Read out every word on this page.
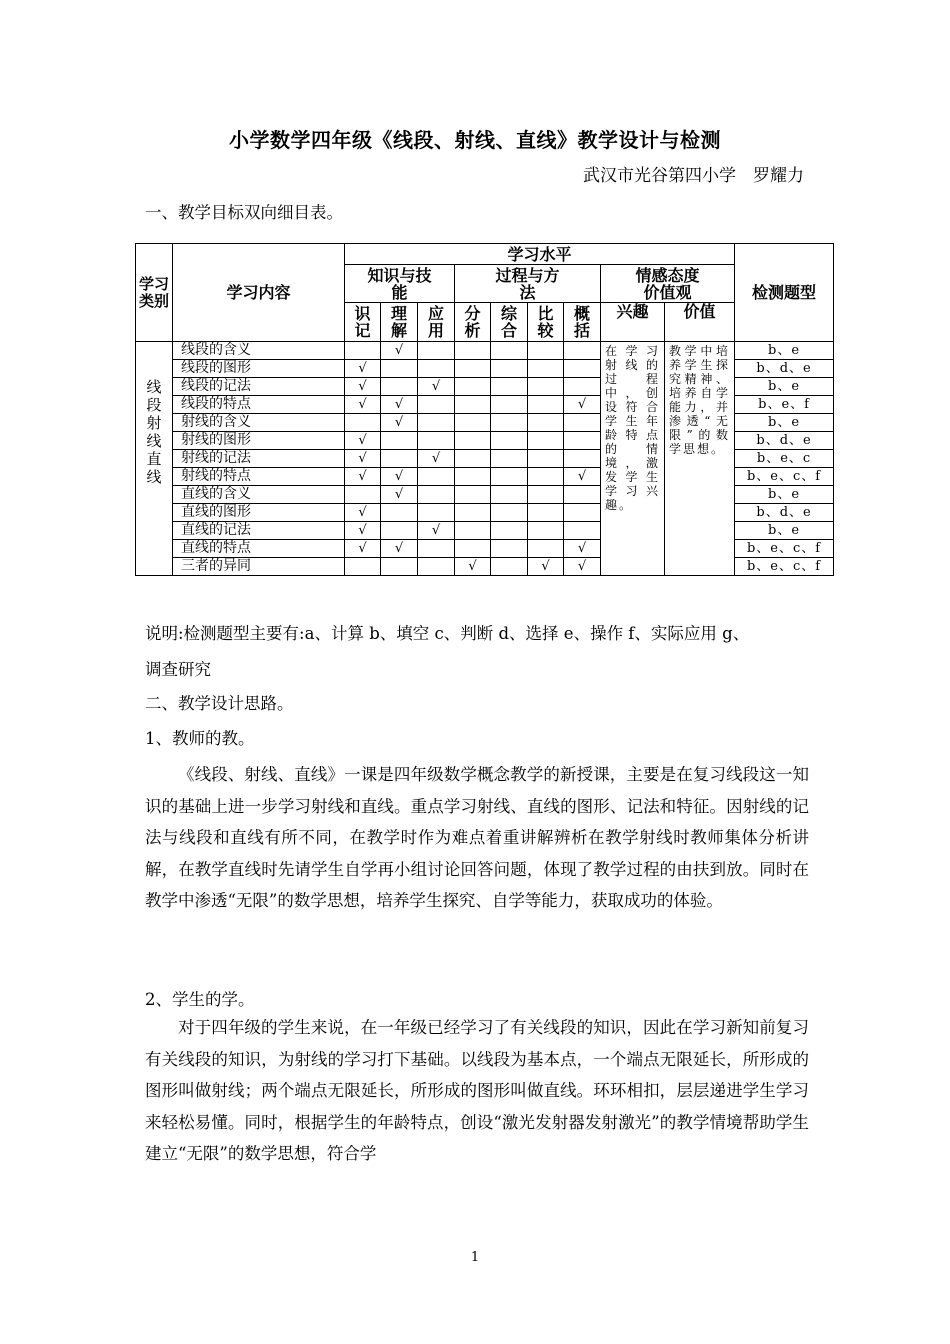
小学数学四年级《线段、射线、直线》教学设计与检测
武汉市光谷第四小学　罗耀力
一、教学目标双向细目表。
学习类别	学习内容	学习水平									检测题型
		知识与技能			过程与方法				情感态度价值观		
		识记	理解	应用	分析	综合	比较	概括	兴趣	价值	
线段射线直线	线段的含义		√						在学习射线的过程中，创设符合学生年龄特点的情境，激发学生学习兴趣。	教学中培养学生探究精神、培养自学能力，并渗透“无限”的数学思想。	b、e
	线段的图形	√									b、d、e
	线段的记法	√		√							b、e
	线段的特点	√	√					√			b、e、f
	射线的含义		√								b、e
	射线的图形	√									b、d、e
	射线的记法	√		√							b、e、c
	射线的特点	√	√					√			b、e、c、f
	直线的含义		√								b、e
	直线的图形	√									b、d、e
	直线的记法	√		√							b、e
	直线的特点	√	√					√			b、e、c、f
	三者的异同				√		√	√			b、e、c、f
说明:检测题型主要有:a、计算 b、填空 c、判断 d、选择 e、操作 f、实际应用 g、
调查研究
二、教学设计思路。
1、教师的教。
《线段、射线、直线》一课是四年级数学概念教学的新授课，主要是在复习线段这一知识的基础上进一步学习射线和直线。重点学习射线、直线的图形、记法和特征。因射线的记法与线段和直线有所不同，在教学时作为难点着重讲解辨析在教学射线时教师集体分析讲解，在教学直线时先请学生自学再小组讨论回答问题，体现了教学过程的由扶到放。同时在教学中渗透“无限”的数学思想，培养学生探究、自学等能力，获取成功的体验。
2、学生的学。
对于四年级的学生来说，在一年级已经学习了有关线段的知识，因此在学习新知前复习有关线段的知识，为射线的学习打下基础。以线段为基本点，一个端点无限延长，所形成的图形叫做射线；两个端点无限延长，所形成的图形叫做直线。环环相扣，层层递进学生学习来轻松易懂。同时，根据学生的年龄特点，创设“激光发射器发射激光”的教学情境帮助学生建立“无限”的数学思想，符合学
1
